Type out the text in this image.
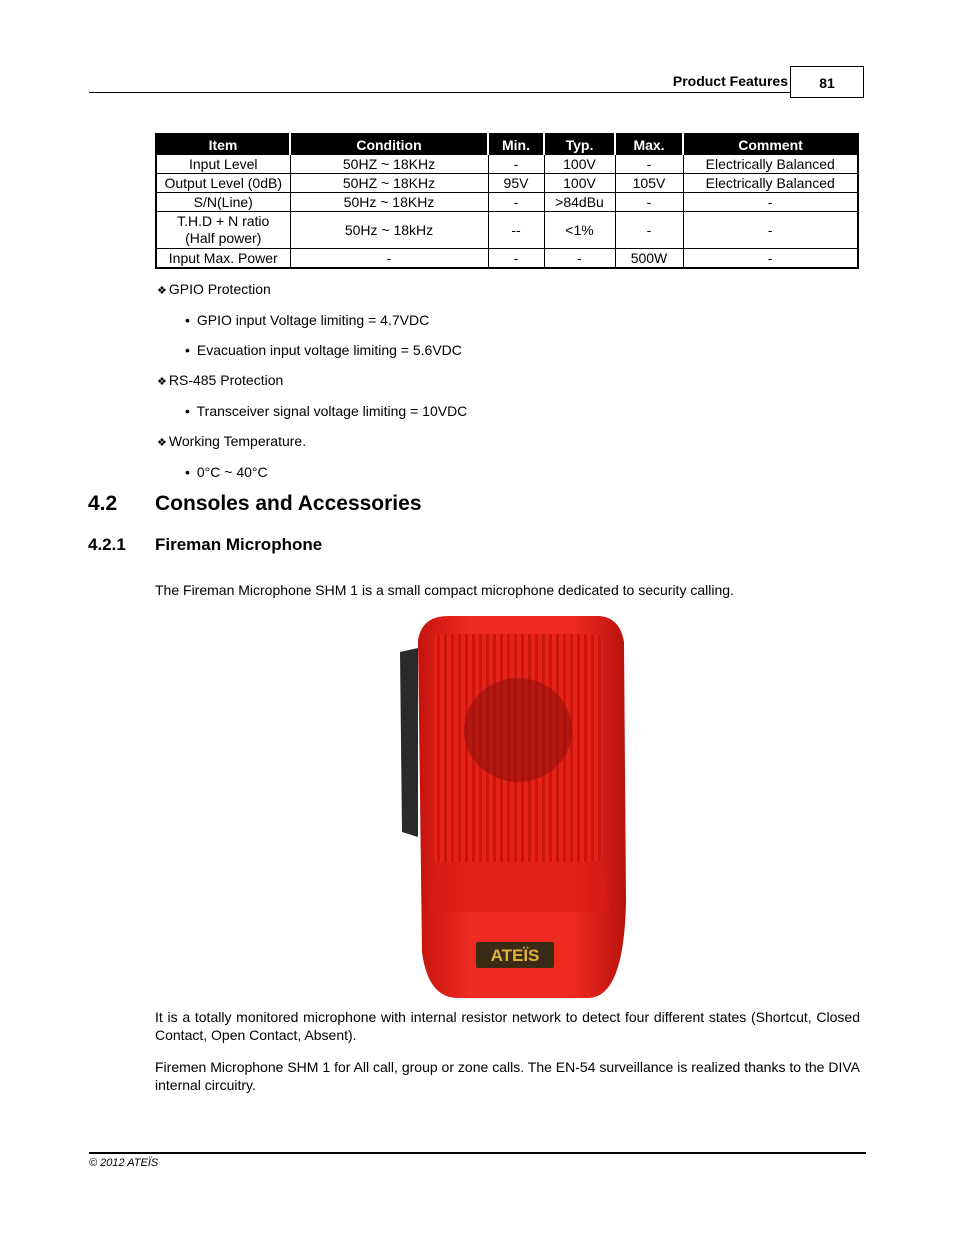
Product Features	81
Item	Condition	Min.	Typ.	Max.	Comment
Input Level	50HZ ~ 18KHz	-	100V	-	Electrically Balanced
Output Level (0dB)	50HZ ~ 18KHz	95V	100V	105V	Electrically Balanced
S/N(Line)	50Hz ~ 18KHz	-	>84dBu	-	-
T.H.D + N ratio
(Half power)	50Hz ~ 18kHz	--	<1%	-	-
Input Max. Power	-	-	-	500W	-
❖ GPIO Protection
• GPIO input Voltage limiting = 4.7VDC
• Evacuation input voltage limiting = 5.6VDC
❖ RS-485 Protection
• Transceiver signal voltage limiting = 10VDC
❖ Working Temperature.
• 0°C ~ 40°C
4.2 Consoles and Accessories
4.2.1 Fireman Microphone
The Fireman Microphone SHM 1 is a small compact microphone dedicated to security calling.
ATEÏS
It is a totally monitored microphone with internal resistor network to detect four different states (Shortcut, Closed Contact, Open Contact, Absent).
Firemen Microphone SHM 1 for All call, group or zone calls. The EN-54 surveillance is realized thanks to the DIVA internal circuitry.
© 2012 ATEÏS
